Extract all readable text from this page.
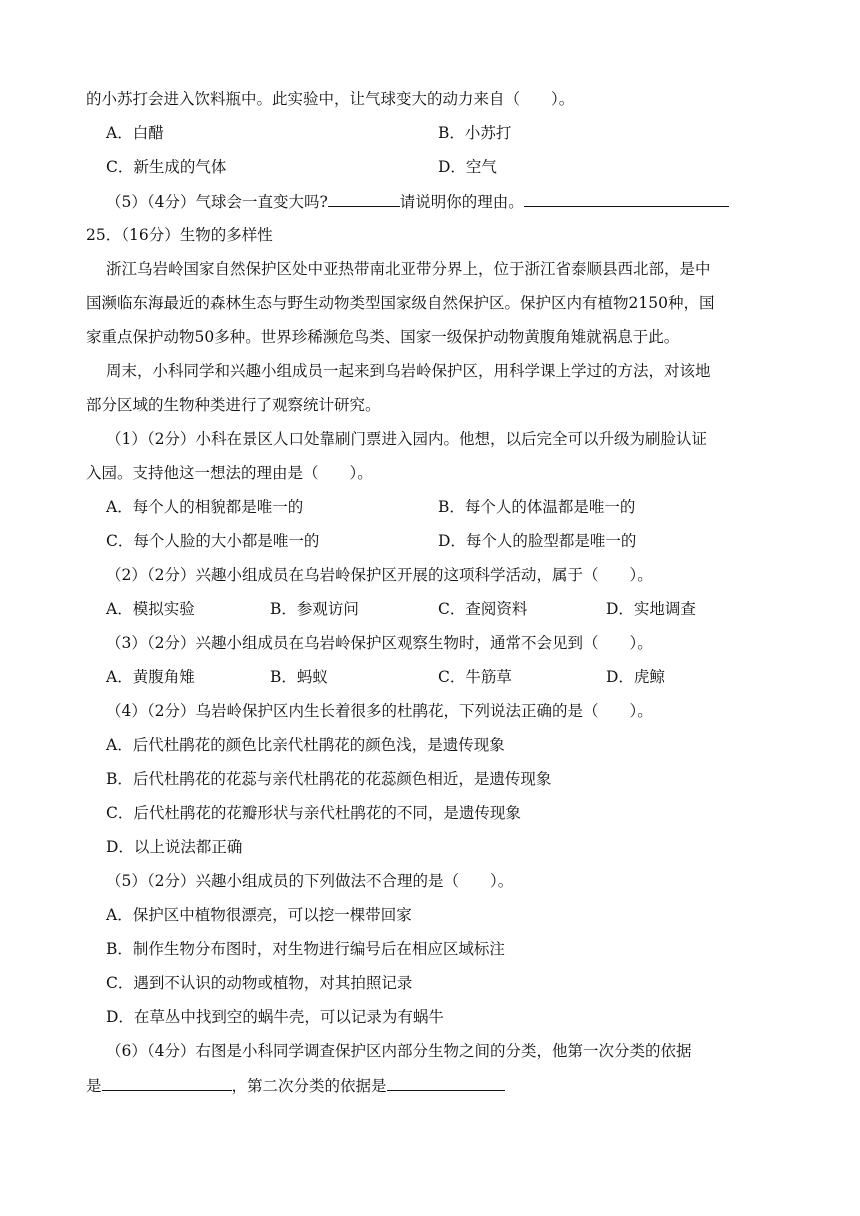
的小苏打会进入饮料瓶中。此实验中，让气球变大的动力来自（　　）。
A．白醋	B．小苏打
C．新生成的气体	D．空气
（5）（4分）气球会一直变大吗?	请说明你的理由。
25．（16分）生物的多样性
浙江乌岩岭国家自然保护区处中亚热带南北亚带分界上，位于浙江省泰顺县西北部，是中
国濒临东海最近的森林生态与野生动物类型国家级自然保护区。保护区内有植物2150种，国
家重点保护动物50多种。世界珍稀濒危鸟类、国家一级保护动物黄腹角雉就祸息于此。
周末，小科同学和兴趣小组成员一起来到乌岩岭保护区，用科学课上学过的方法，对该地
部分区域的生物种类进行了观察统计研究。
（1）（2分）小科在景区人口处靠刷门票进入园内。他想，以后完全可以升级为刷脸认证
入园。支持他这一想法的理由是（　　）。
A．每个人的相貌都是唯一的	B．每个人的体温都是唯一的
C．每个人脸的大小都是唯一的	D．每个人的脸型都是唯一的
（2）（2分）兴趣小组成员在乌岩岭保护区开展的这项科学活动，属于（　　）。
A．模拟实验	B．参观访问	C．查阅资料	D．实地调查
（3）（2分）兴趣小组成员在乌岩岭保护区观察生物时，通常不会见到（　　）。
A．黄腹角雉	B．蚂蚁	C．牛筋草	D．虎鲸
（4）（2分）乌岩岭保护区内生长着很多的杜鹃花，下列说法正确的是（　　）。
A．后代杜鹃花的颜色比亲代杜鹃花的颜色浅，是遗传现象
B．后代杜鹃花的花蕊与亲代杜鹃花的花蕊颜色相近，是遗传现象
C．后代杜鹃花的花瓣形状与亲代杜鹃花的不同，是遗传现象
D．以上说法都正确
（5）（2分）兴趣小组成员的下列做法不合理的是（　　）。
A．保护区中植物很漂亮，可以挖一棵带回家
B．制作生物分布图时，对生物进行编号后在相应区域标注
C．遇到不认识的动物或植物，对其拍照记录
D．在草丛中找到空的蜗牛壳，可以记录为有蜗牛
（6）（4分）右图是小科同学调查保护区内部分生物之间的分类，他第一次分类的依据
是	，第二次分类的依据是
